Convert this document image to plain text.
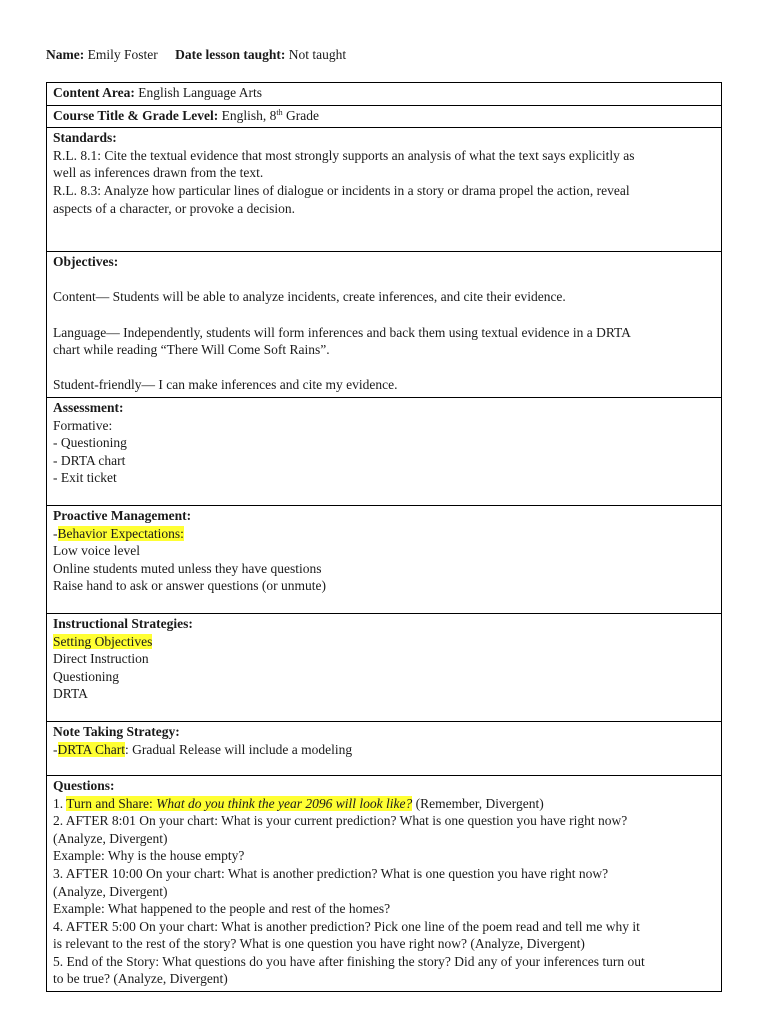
Name: Emily Foster Date lesson taught: Not taught
Content Area: English Language Arts
Course Title & Grade Level: English, 8th Grade

Standards:
R.L. 8.1: Cite the textual evidence that most strongly supports an analysis of what the text says explicitly as
well as inferences drawn from the text.
R.L. 8.3: Analyze how particular lines of dialogue or incidents in a story or drama propel the action, reveal
aspects of a character, or provoke a decision.

Objectives:
Content— Students will be able to analyze incidents, create inferences, and cite their evidence.
Language— Independently, students will form inferences and back them using textual evidence in a DRTA
chart while reading “There Will Come Soft Rains”.
Student-friendly— I can make inferences and cite my evidence.

Assessment:
Formative:
- Questioning
- DRTA chart
- Exit ticket

Proactive Management:
-Behavior Expectations:
Low voice level
Online students muted unless they have questions
Raise hand to ask or answer questions (or unmute)

Instructional Strategies:
Setting Objectives
Direct Instruction
Questioning
DRTA

Note Taking Strategy:
-DRTA Chart: Gradual Release will include a modeling

Questions:
1. Turn and Share: What do you think the year 2096 will look like? (Remember, Divergent)
2. AFTER 8:01 On your chart: What is your current prediction? What is one question you have right now?
(Analyze, Divergent)
Example: Why is the house empty?
3. AFTER 10:00 On your chart: What is another prediction? What is one question you have right now?
(Analyze, Divergent)
Example: What happened to the people and rest of the homes?
4. AFTER 5:00 On your chart: What is another prediction? Pick one line of the poem read and tell me why it
is relevant to the rest of the story? What is one question you have right now? (Analyze, Divergent)
5. End of the Story: What questions do you have after finishing the story? Did any of your inferences turn out
to be true? (Analyze, Divergent)
